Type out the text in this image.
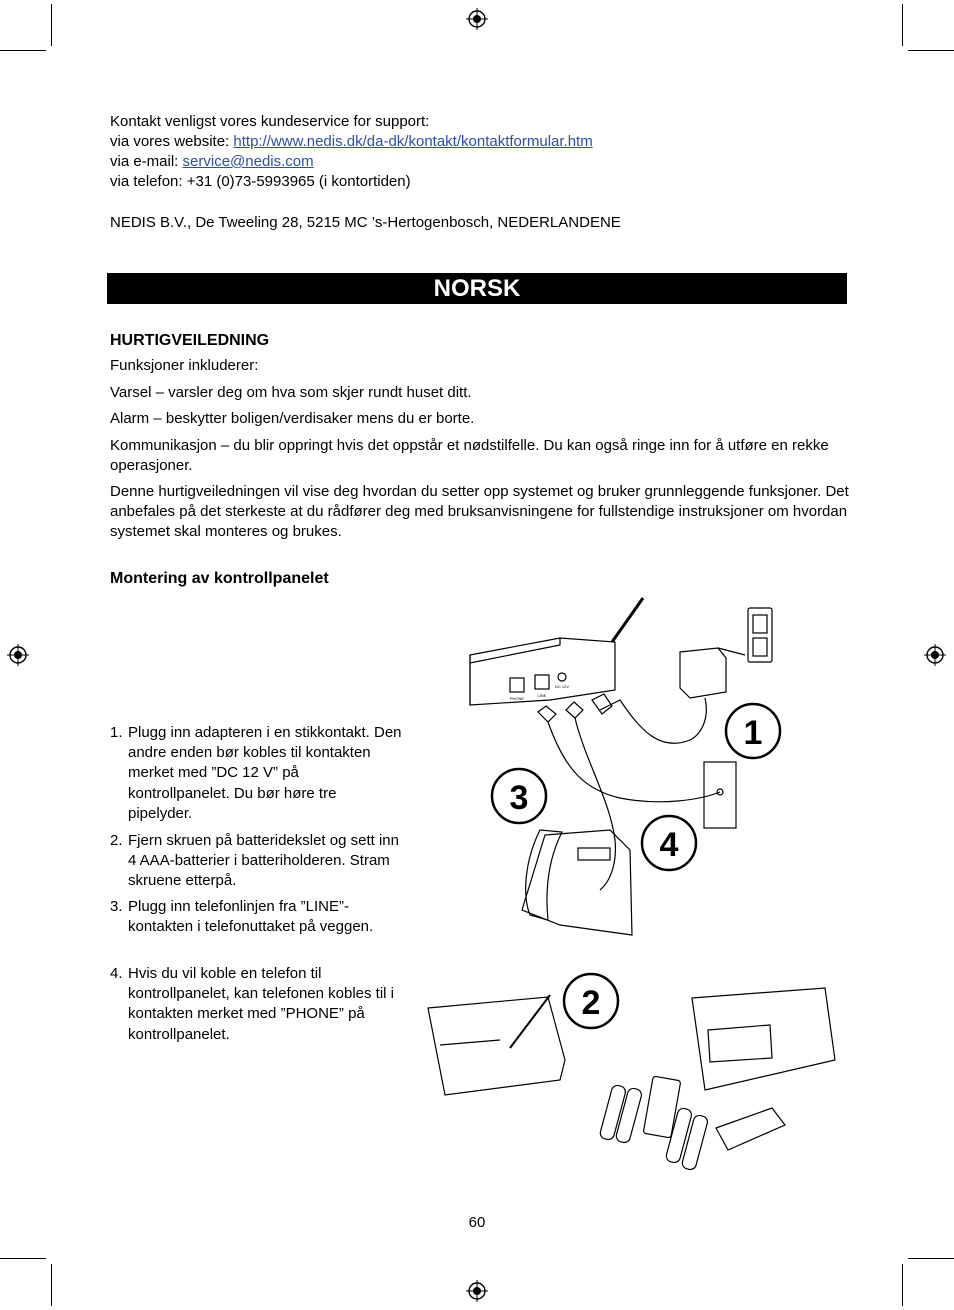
Kontakt venligst vores kundeservice for support:
via vores website: http://www.nedis.dk/da-dk/kontakt/kontaktformular.htm
via e-mail: service@nedis.com
via telefon: +31 (0)73-5993965 (i kontortiden)
NEDIS B.V., De Tweeling 28, 5215 MC ’s-Hertogenbosch, NEDERLANDENE
NORSK
HURTIGVEILEDNING
Funksjoner inkluderer:
Varsel – varsler deg om hva som skjer rundt huset ditt.
Alarm – beskytter boligen/verdisaker mens du er borte.
Kommunikasjon – du blir oppringt hvis det oppstår et nødstilfelle. Du kan også ringe inn for å utføre en rekke operasjoner.
Denne hurtigveiledningen vil vise deg hvordan du setter opp systemet og bruker grunnleggende funksjoner. Det anbefales på det sterkeste at du rådfører deg med bruksanvisningene for fullstendige instruksjoner om hvordan systemet skal monteres og brukes.
Montering av kontrollpanelet
1. Plugg inn adapteren i en stikkontakt. Den andre enden bør kobles til kontakten merket med ”DC 12 V” på kontrollpanelet. Du bør høre tre pipelyder.
2. Fjern skruen på batteridekslet og sett inn 4 AAA-batterier i batteriholderen. Stram skruene etterpå.
3. Plugg inn telefonlinjen fra ”LINE”-kontakten i telefonuttaket på veggen.
4. Hvis du vil koble en telefon til kontrollpanelet, kan telefonen kobles til i kontakten merket med ”PHONE” på kontrollpanelet.
1
2
3
4
PHONE
LINE
DC 12V
60
